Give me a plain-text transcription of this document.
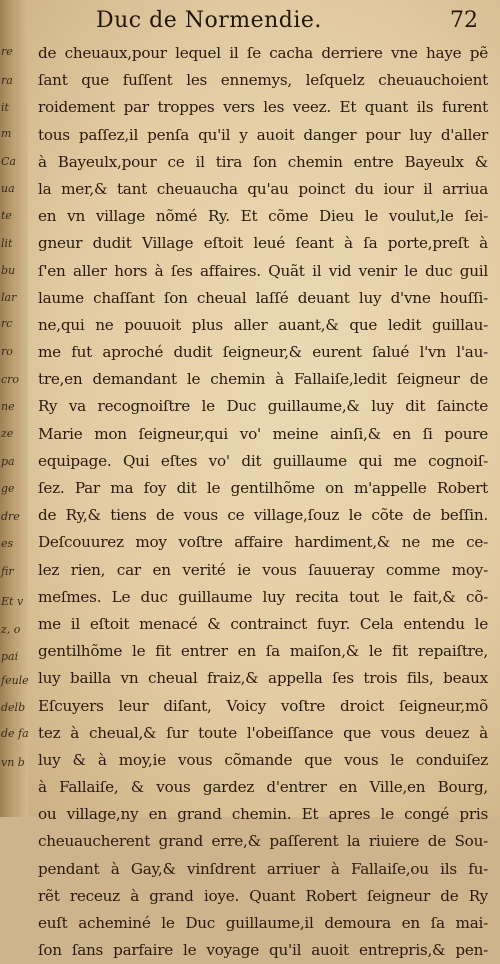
re
ra
it
m
Ca
ua
te
lit
bu
lar
rc
ro
cro
ne
ze
pa
ge
dre
es
fir
Et v
z, o
pai
feule
delb
de fa
vn b
Duc de Normendie.	72
de cheuaux,pour lequel il ſe cacha derriere vne haye pẽ
ſant que fuſſent les ennemys, leſquelz cheuauchoient
roidement par troppes vers les veez. Et quant ils furent
tous paſſez,il penſa qu'il y auoit danger pour luy d'aller
à Bayeulx,pour ce il tira ſon chemin entre Bayeulx &
la mer,& tant cheuaucha qu'au poinct du iour il arriua
en vn village nõmé Ry. Et cõme Dieu le voulut,le ſei-
gneur dudit Village eſtoit leué ſeant à ſa porte,preſt à
ſ'en aller hors à ſes affaires. Quãt il vid venir le duc guil
laume chaſſant ſon cheual laſſé deuant luy d'vne houſſi-
ne,qui ne pouuoit plus aller auant,& que ledit guillau-
me fut aproché dudit ſeigneur,& eurent ſalué l'vn l'au-
tre,en demandant le chemin à Fallaiſe,ledit ſeigneur de
Ry va recognoiſtre le Duc guillaume,& luy dit ſaincte
Marie mon ſeigneur,qui vo' meine ainſi,& en ſi poure
equipage. Qui eſtes vo' dit guillaume qui me cognoiſ-
ſez. Par ma foy dit le gentilhõme on m'appelle Robert
de Ry,& tiens de vous ce village,ſouz le cõte de beſſin.
Deſcouurez moy voſtre affaire hardiment,& ne me ce-
lez rien, car en verité ie vous ſauueray comme moy-
meſmes. Le duc guillaume luy recita tout le fait,& cõ-
me il eſtoit menacé & contrainct fuyr. Cela entendu le
gentilhõme le fit entrer en ſa maiſon,& le fit repaiſtre,
luy bailla vn cheual fraiz,& appella ſes trois fils, beaux
Eſcuyers leur diſant, Voicy voſtre droict ſeigneur,mõ
tez à cheual,& ſur toute l'obeiſſance que vous deuez à
luy & à moy,ie vous cõmande que vous le conduiſez
à Fallaiſe, & vous gardez d'entrer en Ville,en Bourg,
ou village,ny en grand chemin. Et apres le congé pris
cheuaucherent grand erre,& paſſerent la riuiere de Sou-
pendant à Gay,& vinſdrent arriuer à Fallaiſe,ou ils fu-
rẽt receuz à grand ioye. Quant Robert ſeigneur de Ry
euſt acheminé le Duc guillaume,il demoura en ſa mai-
ſon ſans parfaire le voyage qu'il auoit entrepris,& pen-
